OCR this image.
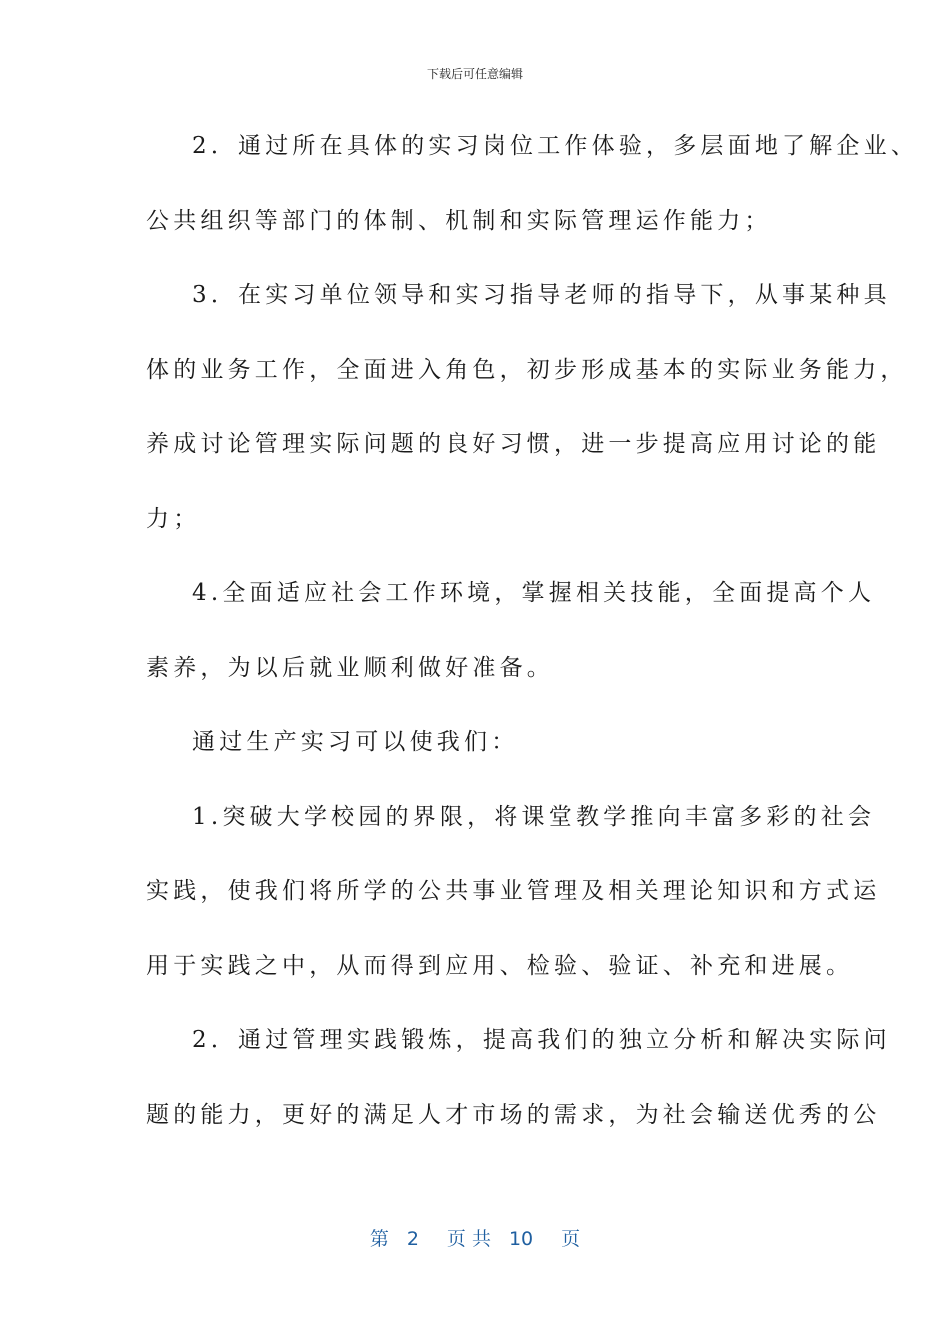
下载后可任意编辑
2．通过所在具体的实习岗位工作体验，多层面地了解企业、
公共组织等部门的体制、机制和实际管理运作能力；
3．在实习单位领导和实习指导老师的指导下，从事某种具
体的业务工作，全面进入角色，初步形成基本的实际业务能力，
养成讨论管理实际问题的良好习惯，进一步提高应用讨论的能
力；
4.全面适应社会工作环境，掌握相关技能，全面提高个人
素养，为以后就业顺利做好准备。
通过生产实习可以使我们：
1.突破大学校园的界限，将课堂教学推向丰富多彩的社会
实践，使我们将所学的公共事业管理及相关理论知识和方式运
用于实践之中，从而得到应用、检验、验证、补充和进展。
2．通过管理实践锻炼，提高我们的独立分析和解决实际问
题的能力，更好的满足人才市场的需求，为社会输送优秀的公
第 2 页 共 10 页
